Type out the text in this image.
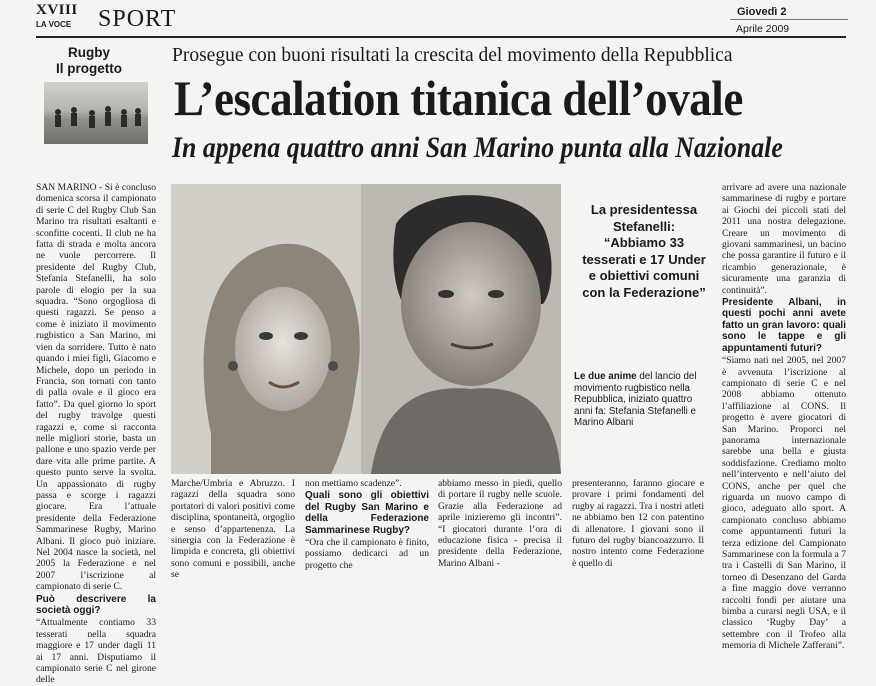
XVIII
LA VOCE SPORT	Giovedì 2
Aprile 2009
Rugby
Il progetto
Prosegue con buoni risultati la crescita del movimento della Repubblica
L’escalation titanica dell’ovale
In appena quattro anni San Marino punta alla Nazionale

SAN MARINO - Si è concluso domenica scorsa il campionato di serie C del Rugby Club San Marino tra risultati esaltanti e sconfitte cocenti. Il club ne ha fatta di strada e molta ancora ne vuole percorrere. Il presidente del Rugby Club, Stefania Stefanelli, ha solo parole di elogio per la sua squadra. “Sono orgogliosa di questi ragazzi. Se penso a come è iniziato il movimento rugbistico a San Marino, mi vien da sorridere. Tutto è nato quando i miei figli, Giacomo e Michele, dopo un periodo in Francia, son tornati con tanto di palla ovale e il gioco era fatto”. Da quel giorno lo sport del rugby travolge questi ragazzi e, come si racconta nelle migliori storie, basta un pallone e uno spazio verde per dare vita alle prime partite. A questo punto serve la svolta. Un appassionato di rugby passa e scorge i ragazzi giocare. Era l’attuale presidente della Federazione Sammarinese Rugby, Marino Albani. Il gioco può iniziare. Nel 2004 nasce la società, nel 2005 la Federazione e nel 2007 l’iscrizione al campionato di serie C.

Può descrivere la società oggi?

“Attualmente contiamo 33 tesserati nella squadra maggiore e 17 under dagli 11 ai 17 anni. Disputiamo il campionato serie C nel girone delle

La presidentessa
Stefanelli:
“Abbiamo 33
tesserati e 17 Under
e obiettivi comuni
con la Federazione”
Le due anime del lancio del movimento rugbistico nella Repubblica, iniziato quattro anni fa: Stefania Stefanelli e Marino Albani

Marche/Umbria e Abruzzo. I ragazzi della squadra sono portatori di valori positivi come disciplina, spontaneità, orgoglio e senso d’appartenenza. La sinergia con la Federazione è limpida e concreta, gli obiettivi sono comuni e possibili, anche se

non mettiamo scadenze”.

Quali sono gli obiettivi del Rugby San Marino e della Federazione Sammarinese Rugby?

“Ora che il campionato è finito, possiamo dedicarci ad un progetto che

abbiamo messo in piedi, quello di portare il rugby nelle scuole. Grazie alla Federazione ad aprile inizieremo gli incontri”. “I giocatori durante l’ora di educazione fisica - precisa il presidente della Federazione, Marino Albani -

presenteranno, faranno giocare e provare i primi fondamenti del rugby ai ragazzi. Tra i nostri atleti ne abbiamo ben 12 con patentino di allenatore. I giovani sono il futuro del rugby biancoazzurro. Il nostro intento come Federazione è quello di

arrivare ad avere una nazionale sammarinese di rugby e portare ai Giochi dei piccoli stati del 2011 una nostra delegazione. Creare un movimento di giovani sammarinesi, un bacino che possa garantire il futuro e il ricambio generazionale, è sicuramente una garanzia di continuità”.

Presidente Albani, in questi pochi anni avete fatto un gran lavoro: quali sono le tappe e gli appuntamenti futuri?

“Siamo nati nel 2005, nel 2007 è avvenuta l’iscrizione al campionato di serie C e nel 2008 abbiamo ottenuto l’affiliazione al CONS. Il progetto è avere giocatori di San Marino. Proporci nel panorama internazionale sarebbe una bella e giusta soddisfazione. Crediamo molto nell’intervento e nell’aiuto del CONS, anche per quel che riguarda un nuovo campo di gioco, adeguato allo sport. A campionato concluso abbiamo come appuntamenti futuri la terza edizione del Campionato Sammarinese con la formula a 7 tra i Castelli di San Marino, il torneo di Desenzano del Garda a fine maggio dove verranno raccolti fondi per aiutare una bimba a curarsi negli USA, e il classico ‘Rugby Day’ a settembre con il Trofeo alla memoria di Michele Zafferani”.
